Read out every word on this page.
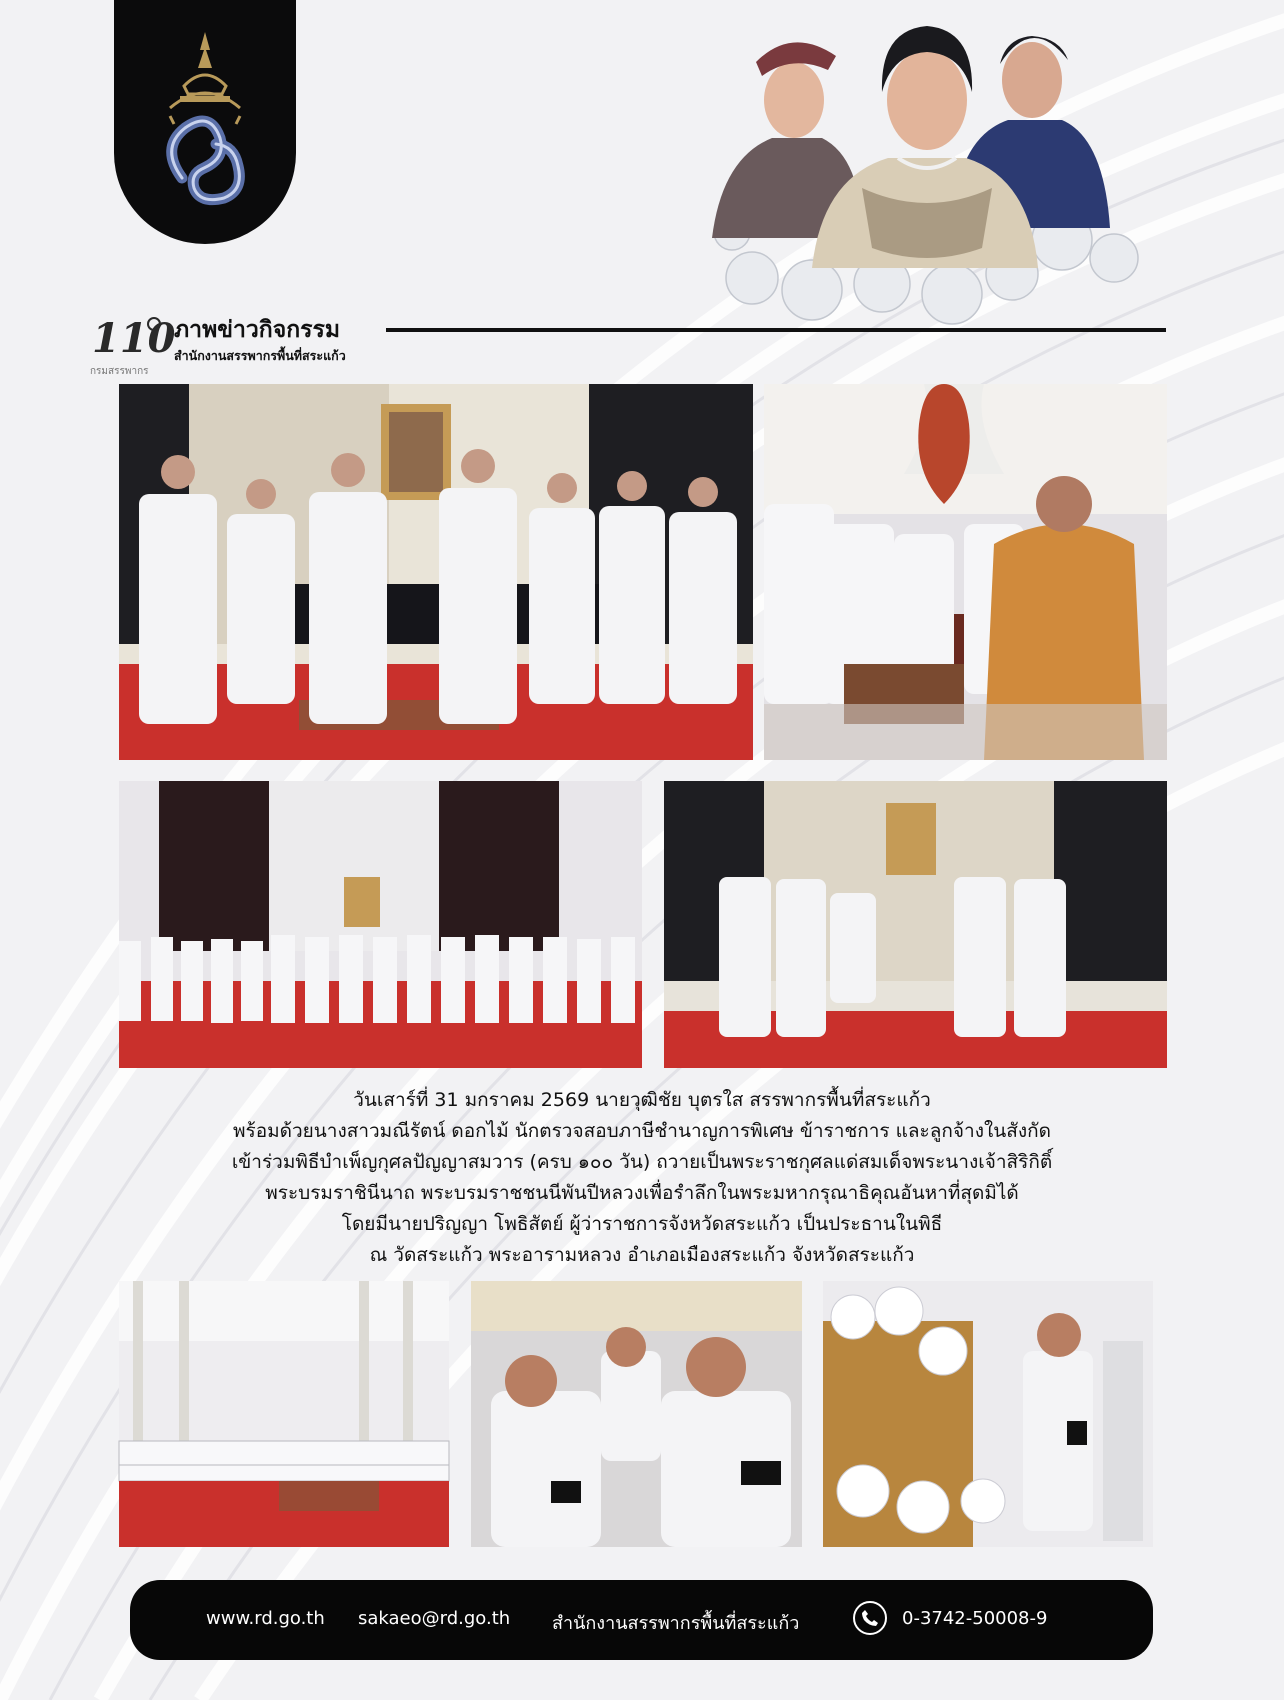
110
กรมสรรพากร
ภาพข่าวกิจกรรม
สำนักงานสรรพากรพื้นที่สระแก้ว
วันเสาร์ที่ 31 มกราคม 2569 นายวุฒิชัย บุตรใส สรรพากรพื้นที่สระแก้ว
พร้อมด้วยนางสาวมณีรัตน์ ดอกไม้ นักตรวจสอบภาษีชำนาญการพิเศษ ข้าราชการ และลูกจ้างในสังกัด
เข้าร่วมพิธีบำเพ็ญกุศลปัญญาสมวาร (ครบ ๑๐๐ วัน) ถวายเป็นพระราชกุศลแด่สมเด็จพระนางเจ้าสิริกิติ์
พระบรมราชินีนาถ พระบรมราชชนนีพันปีหลวงเพื่อรำลึกในพระมหากรุณาธิคุณอันหาที่สุดมิได้
โดยมีนายปริญญา โพธิสัตย์ ผู้ว่าราชการจังหวัดสระแก้ว เป็นประธานในพิธี
ณ วัดสระแก้ว พระอารามหลวง อำเภอเมืองสระแก้ว จังหวัดสระแก้ว
www.rd.go.th sakaeo@rd.go.th สำนักงานสรรพากรพื้นที่สระแก้ว	0-3742-50008-9
